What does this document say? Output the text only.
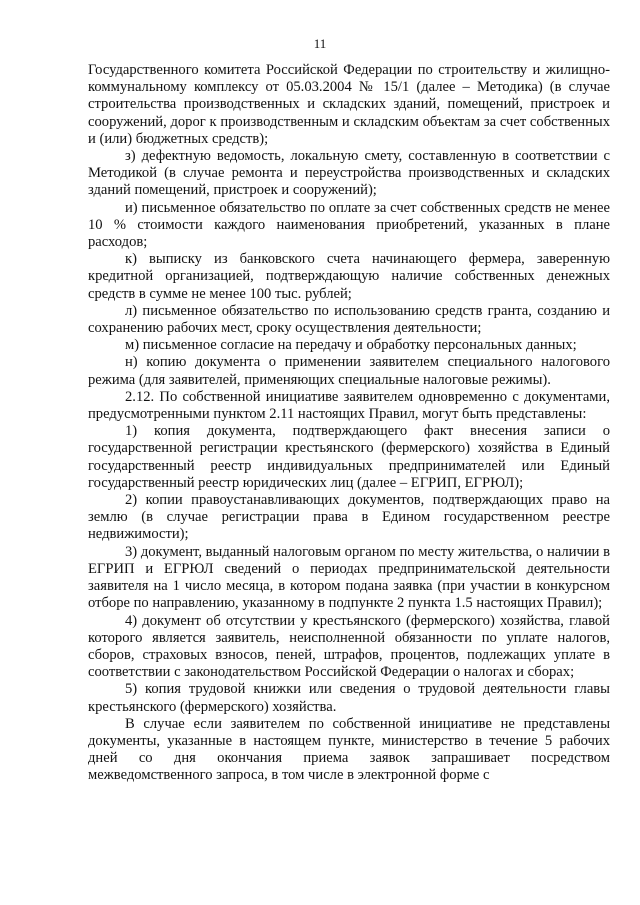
11

Государственного комитета Российской Федерации по строительству и жилищно-коммунальному комплексу от 05.03.2004 № 15/1 (далее – Методика) (в случае строительства производственных и складских зданий, помещений, пристроек и сооружений, дорог к производственным и складским объектам за счет собственных и (или) бюджетных средств);

з) дефектную ведомость, локальную смету, составленную в соответствии с Методикой (в случае ремонта и переустройства производственных и складских зданий помещений, пристроек и сооружений);

и) письменное обязательство по оплате за счет собственных средств не менее 10 % стоимости каждого наименования приобретений, указанных в плане расходов;

к) выписку из банковского счета начинающего фермера, заверенную кредитной организацией, подтверждающую наличие собственных денежных средств в сумме не менее 100 тыс. рублей;

л) письменное обязательство по использованию средств гранта, созданию и сохранению рабочих мест, сроку осуществления деятельности;

м) письменное согласие на передачу и обработку персональных данных;

н) копию документа о применении заявителем специального налогового режима (для заявителей, применяющих специальные налоговые режимы).

2.12. По собственной инициативе заявителем одновременно с документами, предусмотренными пунктом 2.11 настоящих Правил, могут быть представлены:

1) копия документа, подтверждающего факт внесения записи о государственной регистрации крестьянского (фермерского) хозяйства в Единый государственный реестр индивидуальных предпринимателей или Единый государственный реестр юридических лиц (далее – ЕГРИП, ЕГРЮЛ);

2) копии правоустанавливающих документов, подтверждающих право на землю (в случае регистрации права в Едином государственном реестре недвижимости);

3) документ, выданный налоговым органом по месту жительства, о наличии в ЕГРИП и ЕГРЮЛ сведений о периодах предпринимательской деятельности заявителя на 1 число месяца, в котором подана заявка (при участии в конкурсном отборе по направлению, указанному в подпункте 2 пункта 1.5 настоящих Правил);

4) документ об отсутствии у крестьянского (фермерского) хозяйства, главой которого является заявитель, неисполненной обязанности по уплате налогов, сборов, страховых взносов, пеней, штрафов, процентов, подлежащих уплате в соответствии с законодательством Российской Федерации о налогах и сборах;

5) копия трудовой книжки или сведения о трудовой деятельности главы крестьянского (фермерского) хозяйства.

В случае если заявителем по собственной инициативе не представлены документы, указанные в настоящем пункте, министерство в течение 5 рабочих дней со дня окончания приема заявок запрашивает посредством межведомственного запроса, в том числе в электронной форме с
